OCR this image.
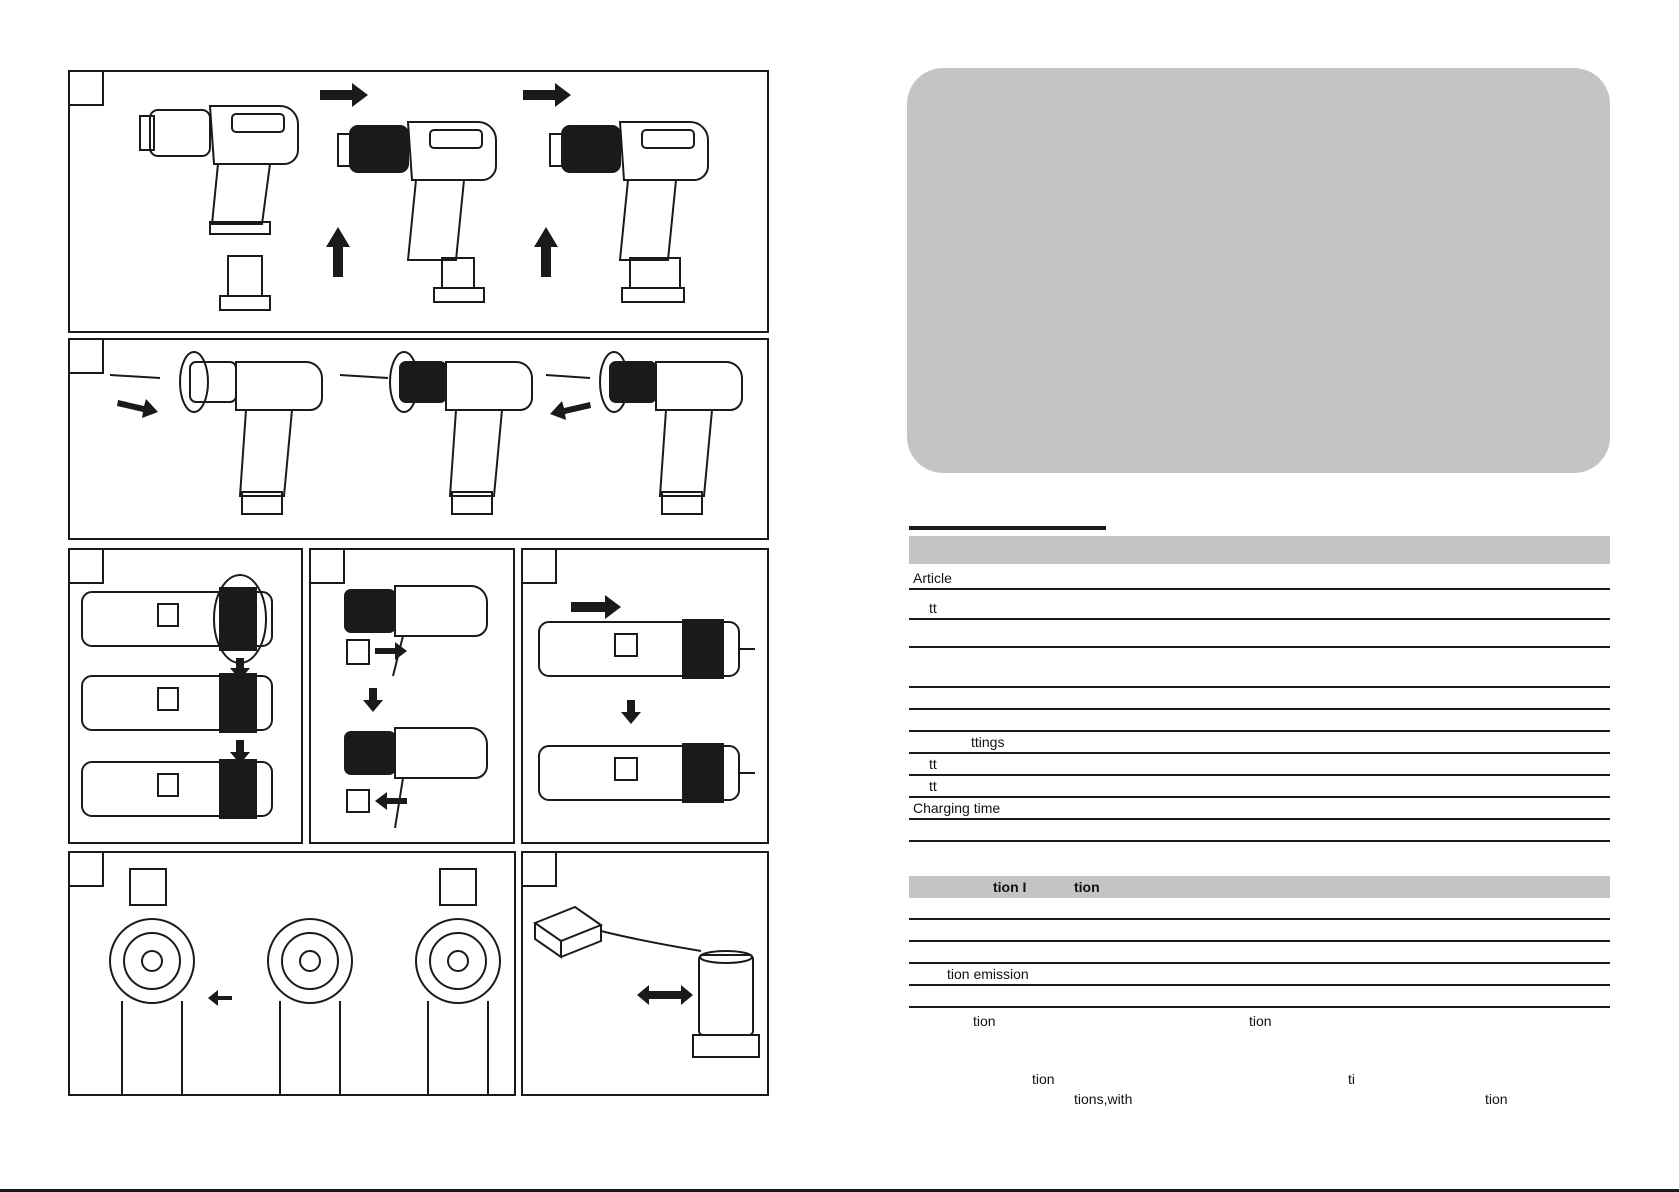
Article
tt
ttings
tt
tt
Charging time
tion I	tion
tion emission
tion	tion
tion	ti
tions,with	tion
